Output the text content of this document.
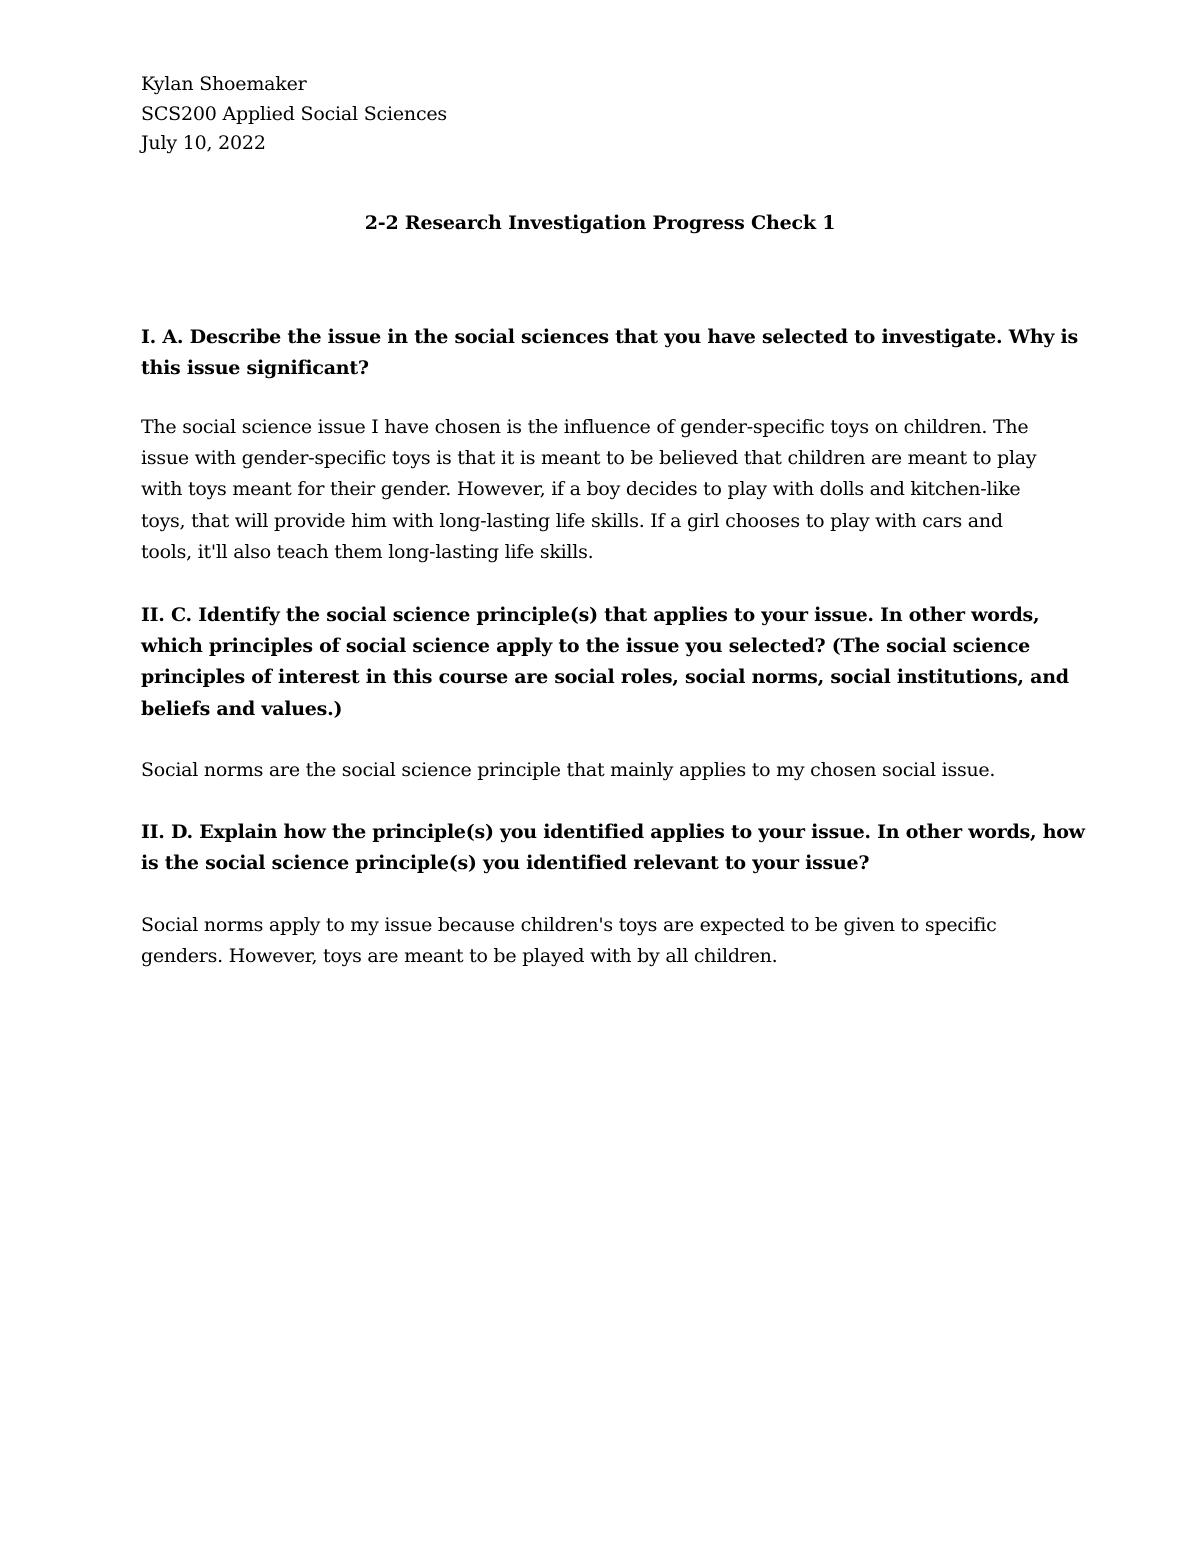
Kylan Shoemaker
SCS200 Applied Social Sciences
July 10, 2022
2-2 Research Investigation Progress Check 1
I. A. Describe the issue in the social sciences that you have selected to investigate. Why is
this issue significant?
The social science issue I have chosen is the influence of gender-specific toys on children. The
issue with gender-specific toys is that it is meant to be believed that children are meant to play
with toys meant for their gender. However, if a boy decides to play with dolls and kitchen-like
toys, that will provide him with long-lasting life skills. If a girl chooses to play with cars and
tools, it'll also teach them long-lasting life skills.
II. C. Identify the social science principle(s) that applies to your issue. In other words,
which principles of social science apply to the issue you selected? (The social science
principles of interest in this course are social roles, social norms, social institutions, and
beliefs and values.)
Social norms are the social science principle that mainly applies to my chosen social issue.
II. D. Explain how the principle(s) you identified applies to your issue. In other words, how
is the social science principle(s) you identified relevant to your issue?
Social norms apply to my issue because children's toys are expected to be given to specific
genders. However, toys are meant to be played with by all children.
